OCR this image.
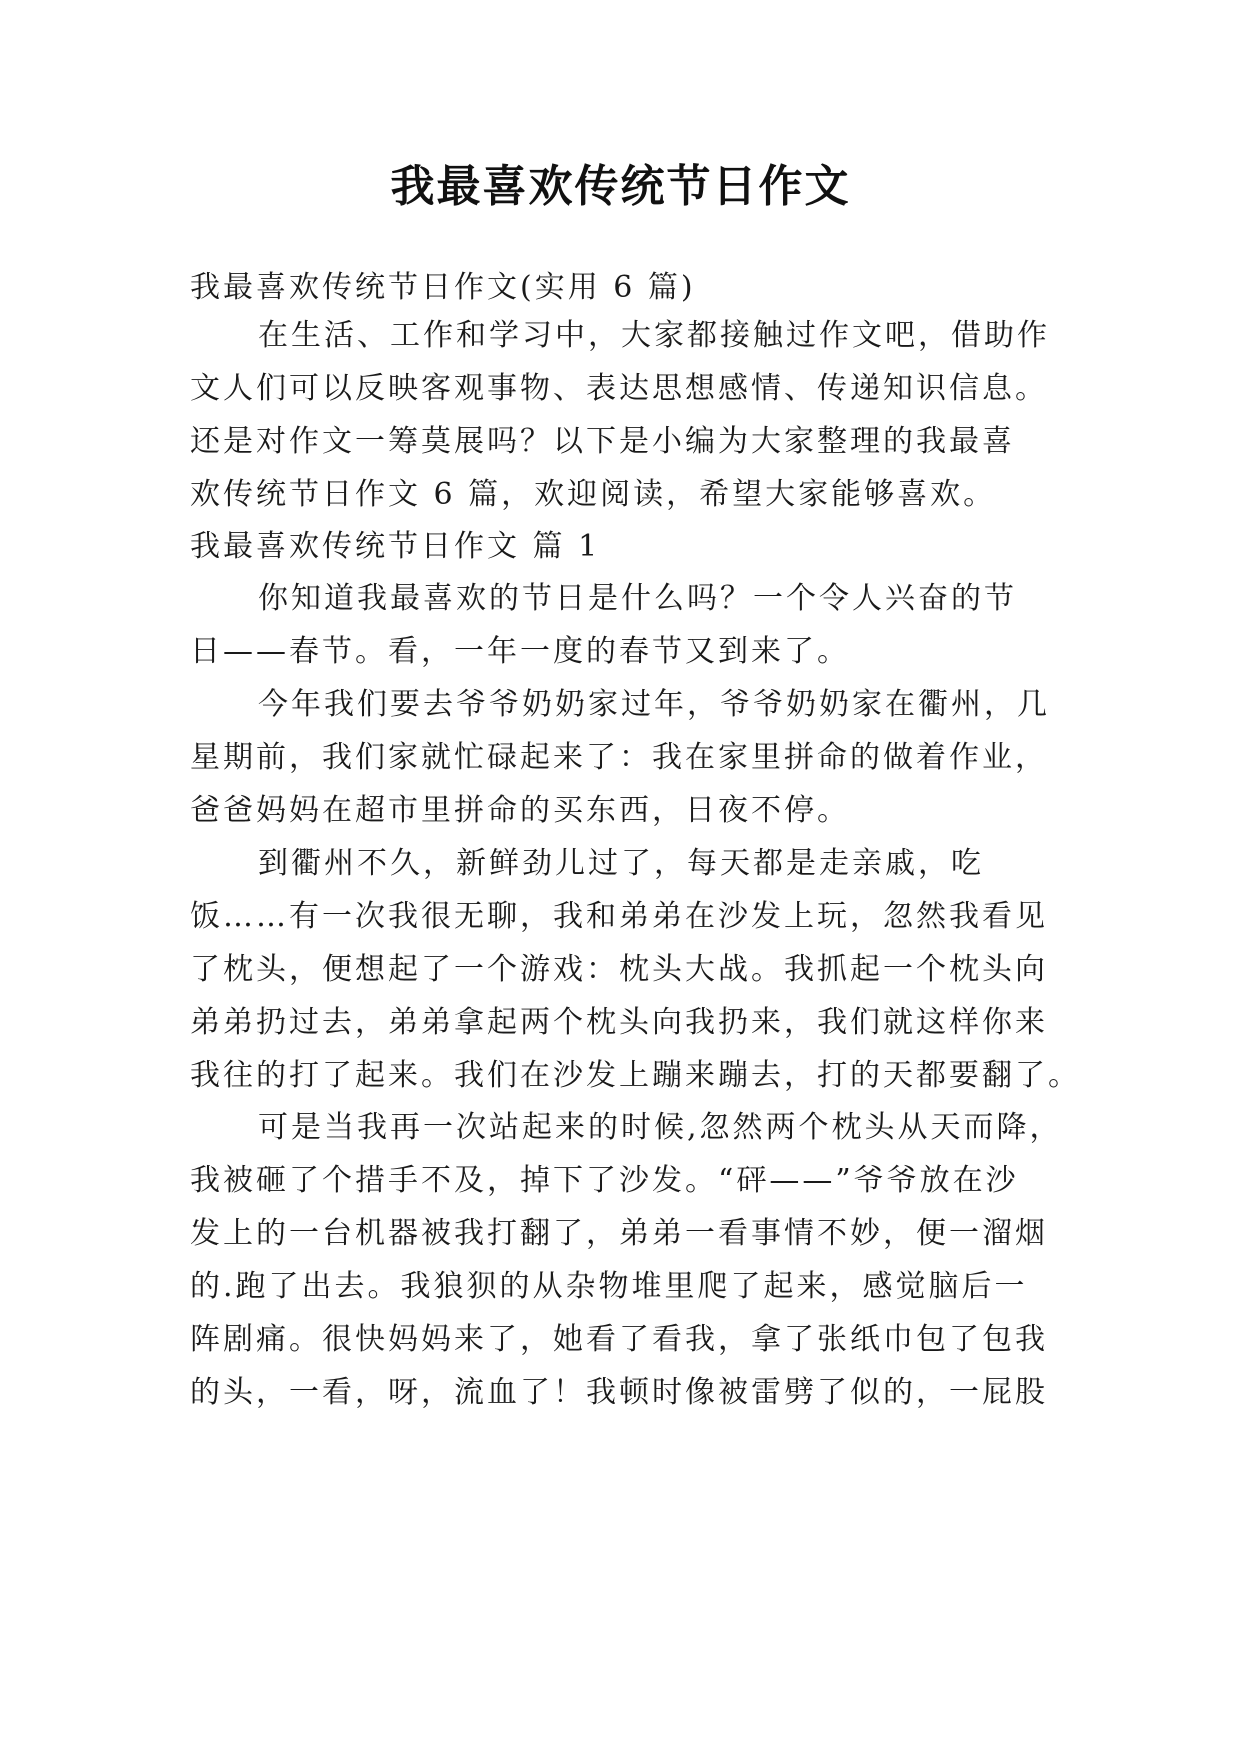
我最喜欢传统节日作文
我最喜欢传统节日作文(实用 6 篇)
在生活、工作和学习中，大家都接触过作文吧，借助作
文人们可以反映客观事物、表达思想感情、传递知识信息。
还是对作文一筹莫展吗？以下是小编为大家整理的我最喜
欢传统节日作文 6 篇，欢迎阅读，希望大家能够喜欢。
我最喜欢传统节日作文 篇 1
你知道我最喜欢的节日是什么吗？一个令人兴奋的节
日——春节。看，一年一度的春节又到来了。
今年我们要去爷爷奶奶家过年，爷爷奶奶家在衢州，几
星期前，我们家就忙碌起来了：我在家里拼命的做着作业，
爸爸妈妈在超市里拼命的买东西，日夜不停。
到衢州不久，新鲜劲儿过了，每天都是走亲戚，吃
饭……有一次我很无聊，我和弟弟在沙发上玩，忽然我看见
了枕头，便想起了一个游戏：枕头大战。我抓起一个枕头向
弟弟扔过去，弟弟拿起两个枕头向我扔来，我们就这样你来
我往的打了起来。我们在沙发上蹦来蹦去，打的天都要翻了。
可是当我再一次站起来的时候,忽然两个枕头从天而降，
我被砸了个措手不及，掉下了沙发。“砰——”爷爷放在沙
发上的一台机器被我打翻了，弟弟一看事情不妙，便一溜烟
的.跑了出去。我狼狈的从杂物堆里爬了起来，感觉脑后一
阵剧痛。很快妈妈来了，她看了看我，拿了张纸巾包了包我
的头，一看，呀，流血了！我顿时像被雷劈了似的，一屁股
